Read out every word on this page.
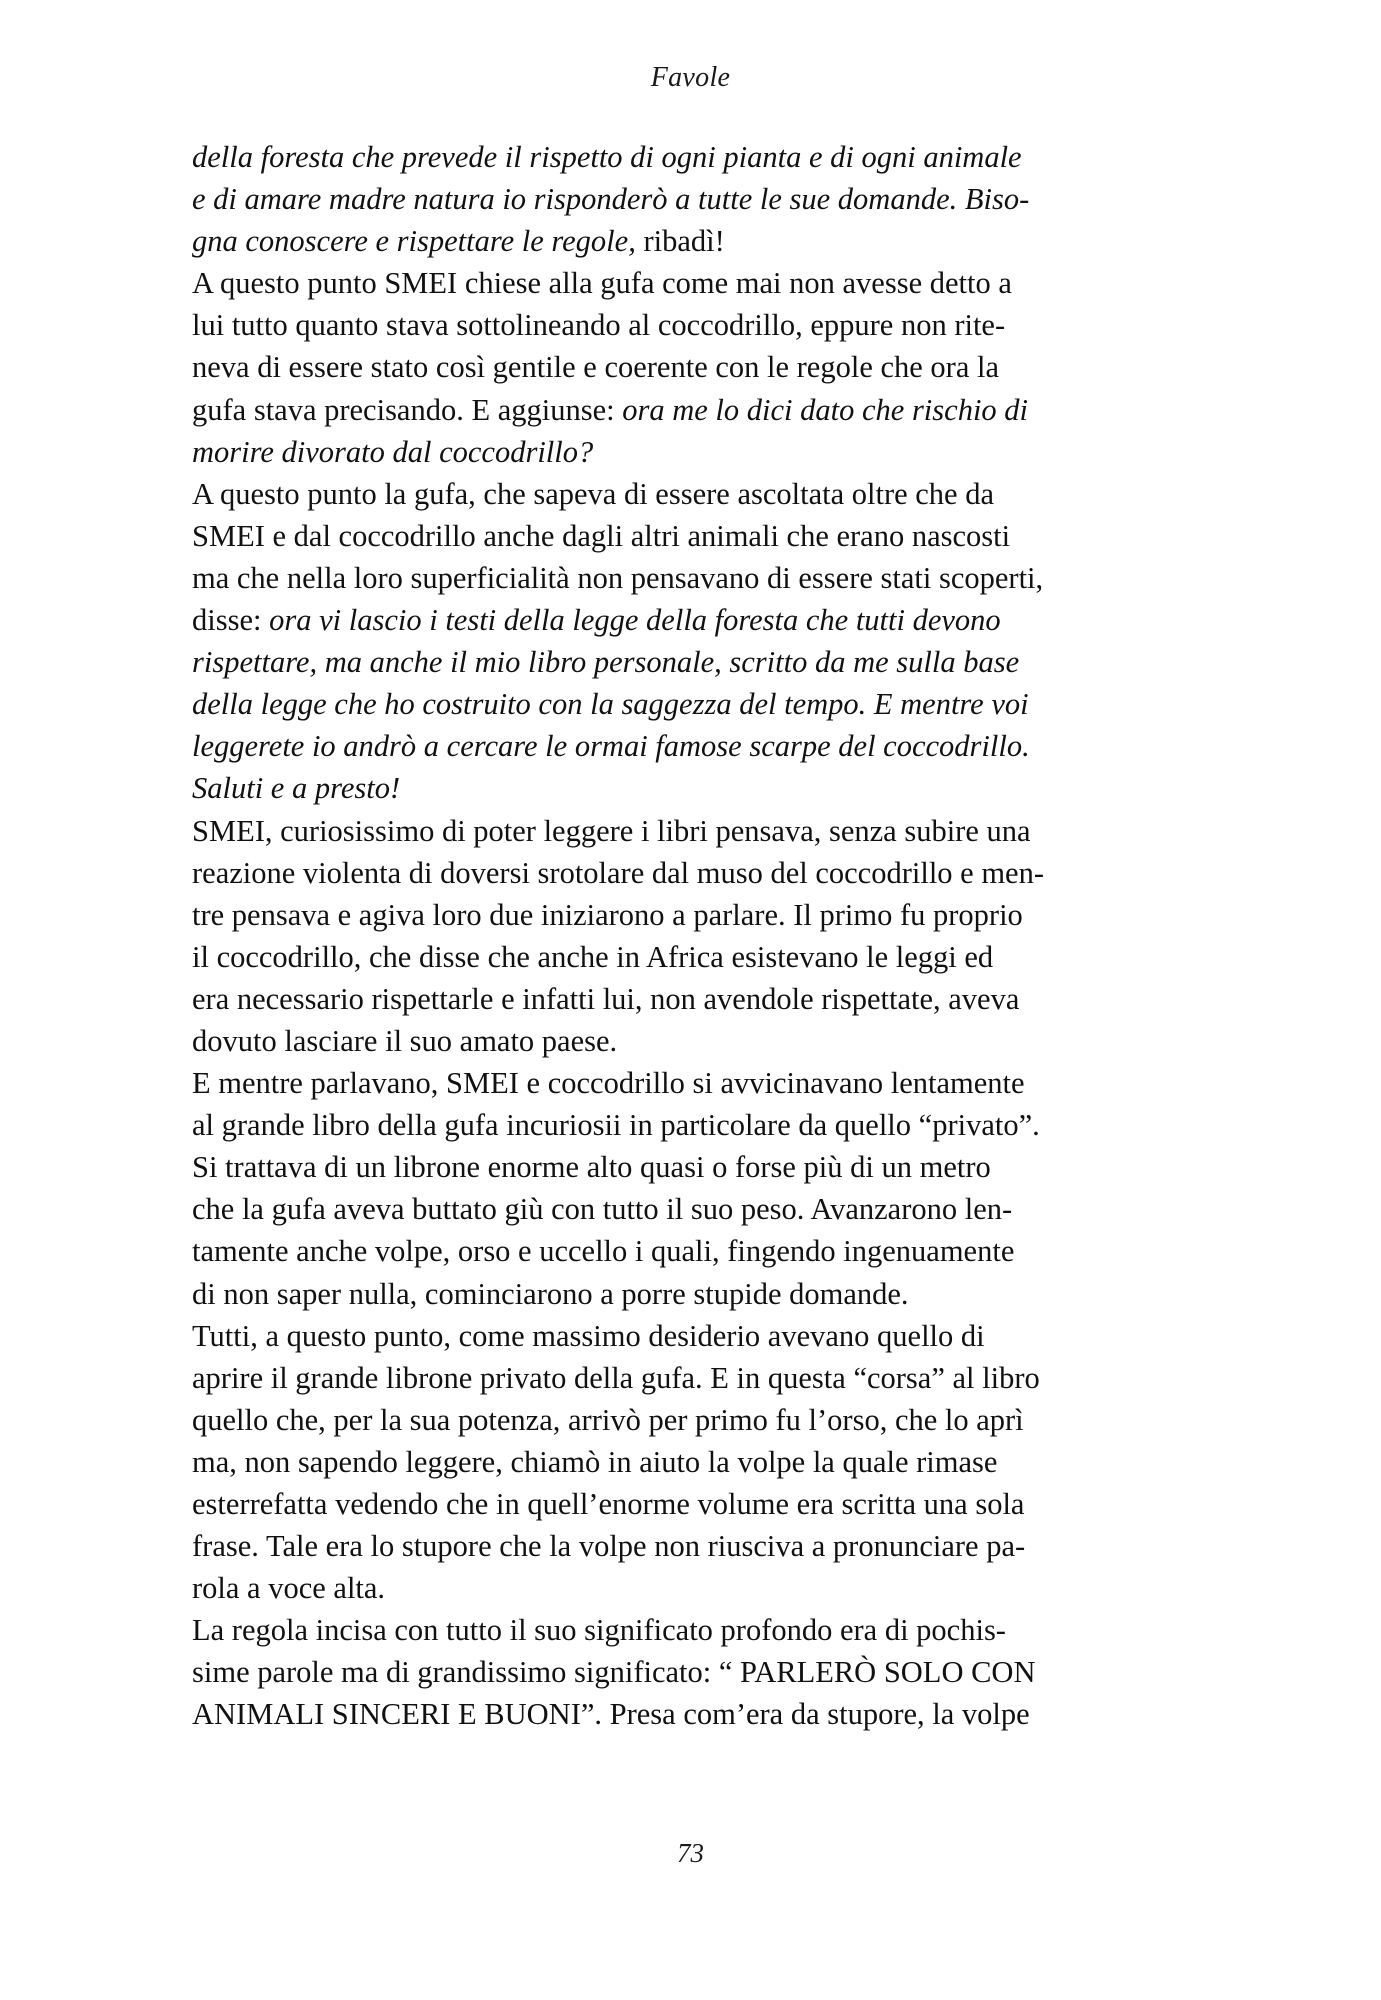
Favole
della foresta che prevede il rispetto di ogni pianta e di ogni animale
e di amare madre natura io risponderò a tutte le sue domande. Biso-
gna conoscere e rispettare le regole, ribadì!
A questo punto SMEI chiese alla gufa come mai non avesse detto a
lui tutto quanto stava sottolineando al coccodrillo, eppure non rite-
neva di essere stato così gentile e coerente con le regole che ora la
gufa stava precisando. E aggiunse: ora me lo dici dato che rischio di
morire divorato dal coccodrillo?
A questo punto la gufa, che sapeva di essere ascoltata oltre che da
SMEI e dal coccodrillo anche dagli altri animali che erano nascosti
ma che nella loro superficialità non pensavano di essere stati scoperti,
disse: ora vi lascio i testi della legge della foresta che tutti devono
rispettare, ma anche il mio libro personale, scritto da me sulla base
della legge che ho costruito con la saggezza del tempo. E mentre voi
leggerete io andrò a cercare le ormai famose scarpe del coccodrillo.
Saluti e a presto!
SMEI, curiosissimo di poter leggere i libri pensava, senza subire una
reazione violenta di doversi srotolare dal muso del coccodrillo e men-
tre pensava e agiva loro due iniziarono a parlare. Il primo fu proprio
il coccodrillo, che disse che anche in Africa esistevano le leggi ed
era necessario rispettarle e infatti lui, non avendole rispettate, aveva
dovuto lasciare il suo amato paese.
E mentre parlavano, SMEI e coccodrillo si avvicinavano lentamente
al grande libro della gufa incuriosii in particolare da quello “privato”.
Si trattava di un librone enorme alto quasi o forse più di un metro
che la gufa aveva buttato giù con tutto il suo peso. Avanzarono len-
tamente anche volpe, orso e uccello i quali, fingendo ingenuamente
di non saper nulla, cominciarono a porre stupide domande.
Tutti, a questo punto, come massimo desiderio avevano quello di
aprire il grande librone privato della gufa. E in questa “corsa” al libro
quello che, per la sua potenza, arrivò per primo fu l’orso, che lo aprì
ma, non sapendo leggere, chiamò in aiuto la volpe la quale rimase
esterrefatta vedendo che in quell’enorme volume era scritta una sola
frase. Tale era lo stupore che la volpe non riusciva a pronunciare pa-
rola a voce alta.
La regola incisa con tutto il suo significato profondo era di pochis-
sime parole ma di grandissimo significato: “ PARLERÒ SOLO CON
ANIMALI SINCERI E BUONI”. Presa com’era da stupore, la volpe
73
